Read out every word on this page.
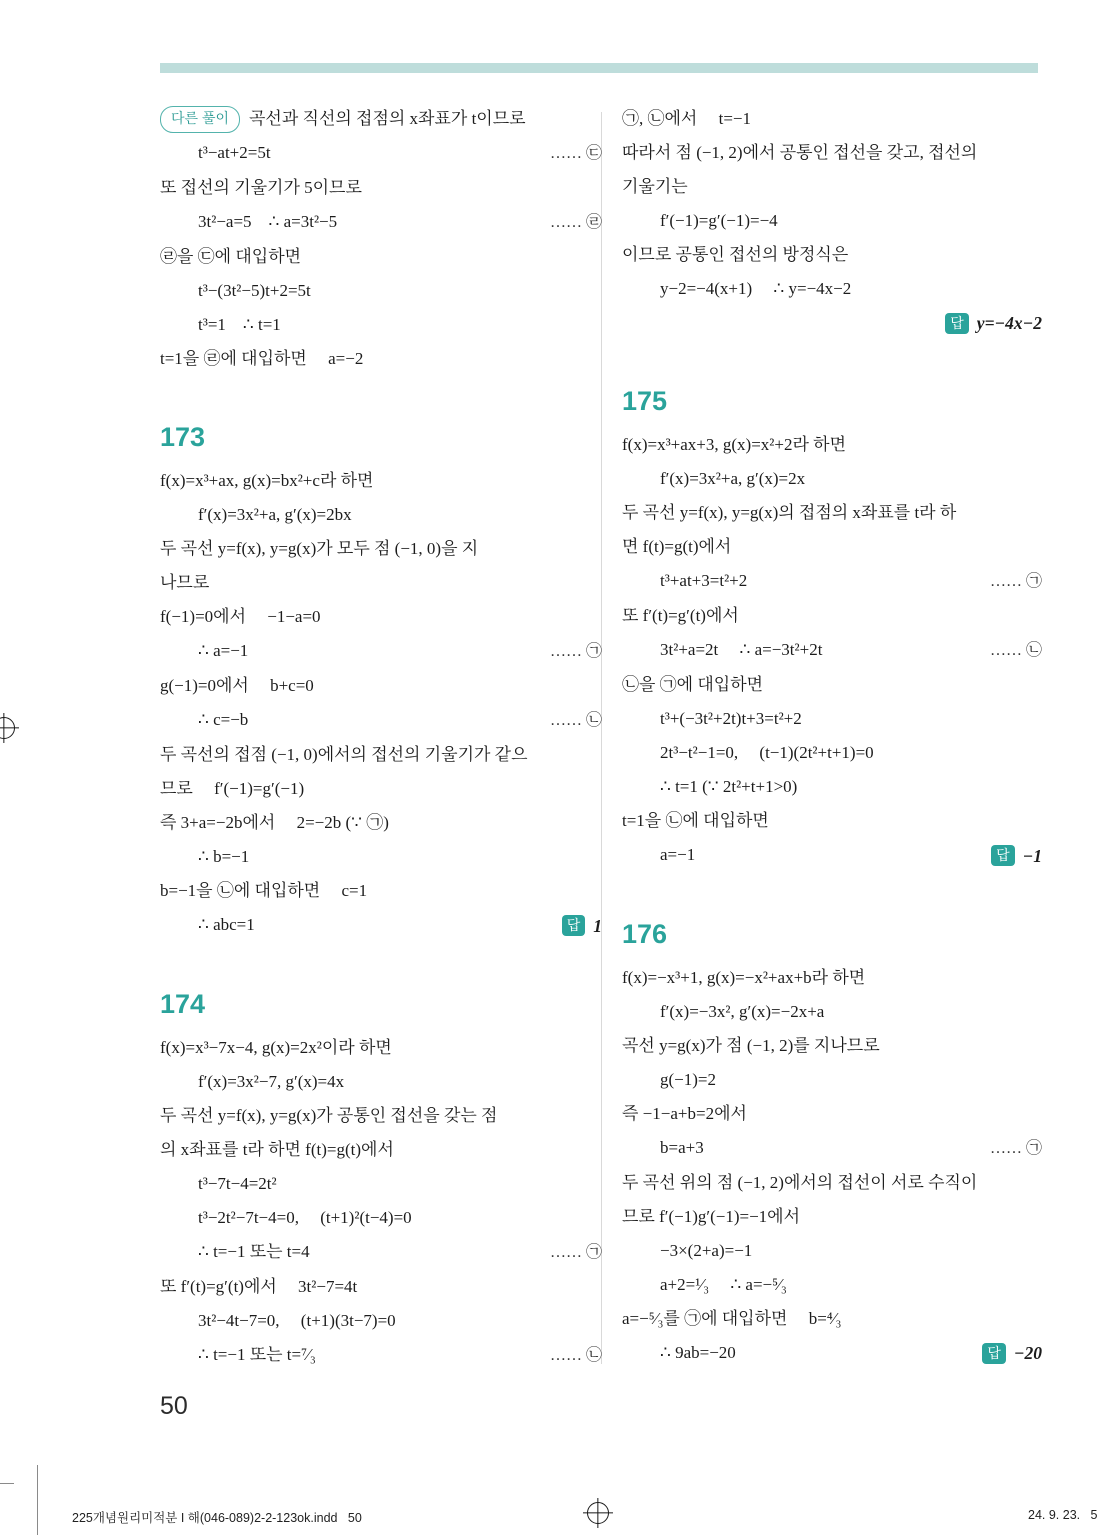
다른 풀이	곡선과 직선의 접점의 x좌표가 t이므로
t³−at+2=5t	…… ㉢
또 접선의 기울기가 5이므로
3t²−a=5    ∴ a=3t²−5	…… ㉣
㉣을 ㉢에 대입하면
t³−(3t²−5)t+2=5t
t³=1    ∴ t=1
t=1을 ㉣에 대입하면     a=−2
173
f(x)=x³+ax, g(x)=bx²+c라 하면
f′(x)=3x²+a, g′(x)=2bx
두 곡선 y=f(x), y=g(x)가 모두 점 (−1, 0)을 지
나므로
f(−1)=0에서     −1−a=0
∴ a=−1	…… ㉠
g(−1)=0에서     b+c=0
∴ c=−b	…… ㉡
두 곡선의 접점 (−1, 0)에서의 접선의 기울기가 같으
므로     f′(−1)=g′(−1)
즉 3+a=−2b에서     2=−2b (∵ ㉠)
∴ b=−1
b=−1을 ㉡에 대입하면     c=1
∴ abc=1	답 1
174
f(x)=x³−7x−4, g(x)=2x²이라 하면
f′(x)=3x²−7, g′(x)=4x
두 곡선 y=f(x), y=g(x)가 공통인 접선을 갖는 점
의 x좌표를 t라 하면 f(t)=g(t)에서
t³−7t−4=2t²
t³−2t²−7t−4=0,     (t+1)²(t−4)=0
∴ t=−1 또는 t=4	…… ㉠
또 f′(t)=g′(t)에서     3t²−7=4t
3t²−4t−7=0,     (t+1)(3t−7)=0
∴ t=−1 또는 t=⁷⁄₃	…… ㉡
㉠, ㉡에서     t=−1
따라서 점 (−1, 2)에서 공통인 접선을 갖고, 접선의
기울기는
f′(−1)=g′(−1)=−4
이므로 공통인 접선의 방정식은
y−2=−4(x+1)     ∴ y=−4x−2
답 y=−4x−2
175
f(x)=x³+ax+3, g(x)=x²+2라 하면
f′(x)=3x²+a, g′(x)=2x
두 곡선 y=f(x), y=g(x)의 접점의 x좌표를 t라 하
면 f(t)=g(t)에서
t³+at+3=t²+2	…… ㉠
또 f′(t)=g′(t)에서
3t²+a=2t     ∴ a=−3t²+2t	…… ㉡
㉡을 ㉠에 대입하면
t³+(−3t²+2t)t+3=t²+2
2t³−t²−1=0,     (t−1)(2t²+t+1)=0
∴ t=1 (∵ 2t²+t+1>0)
t=1을 ㉡에 대입하면
a=−1	답 −1
176
f(x)=−x³+1, g(x)=−x²+ax+b라 하면
f′(x)=−3x², g′(x)=−2x+a
곡선 y=g(x)가 점 (−1, 2)를 지나므로
g(−1)=2
즉 −1−a+b=2에서
b=a+3	…… ㉠
두 곡선 위의 점 (−1, 2)에서의 접선이 서로 수직이
므로 f′(−1)g′(−1)=−1에서
−3×(2+a)=−1
a+2=¹⁄₃     ∴ a=−⁵⁄₃
a=−⁵⁄₃를 ㉠에 대입하면     b=⁴⁄₃
∴ 9ab=−20	답 −20
50
225개념원리미적분 I 해(046-089)2-2-123ok.indd   50	24. 9. 23.   5
